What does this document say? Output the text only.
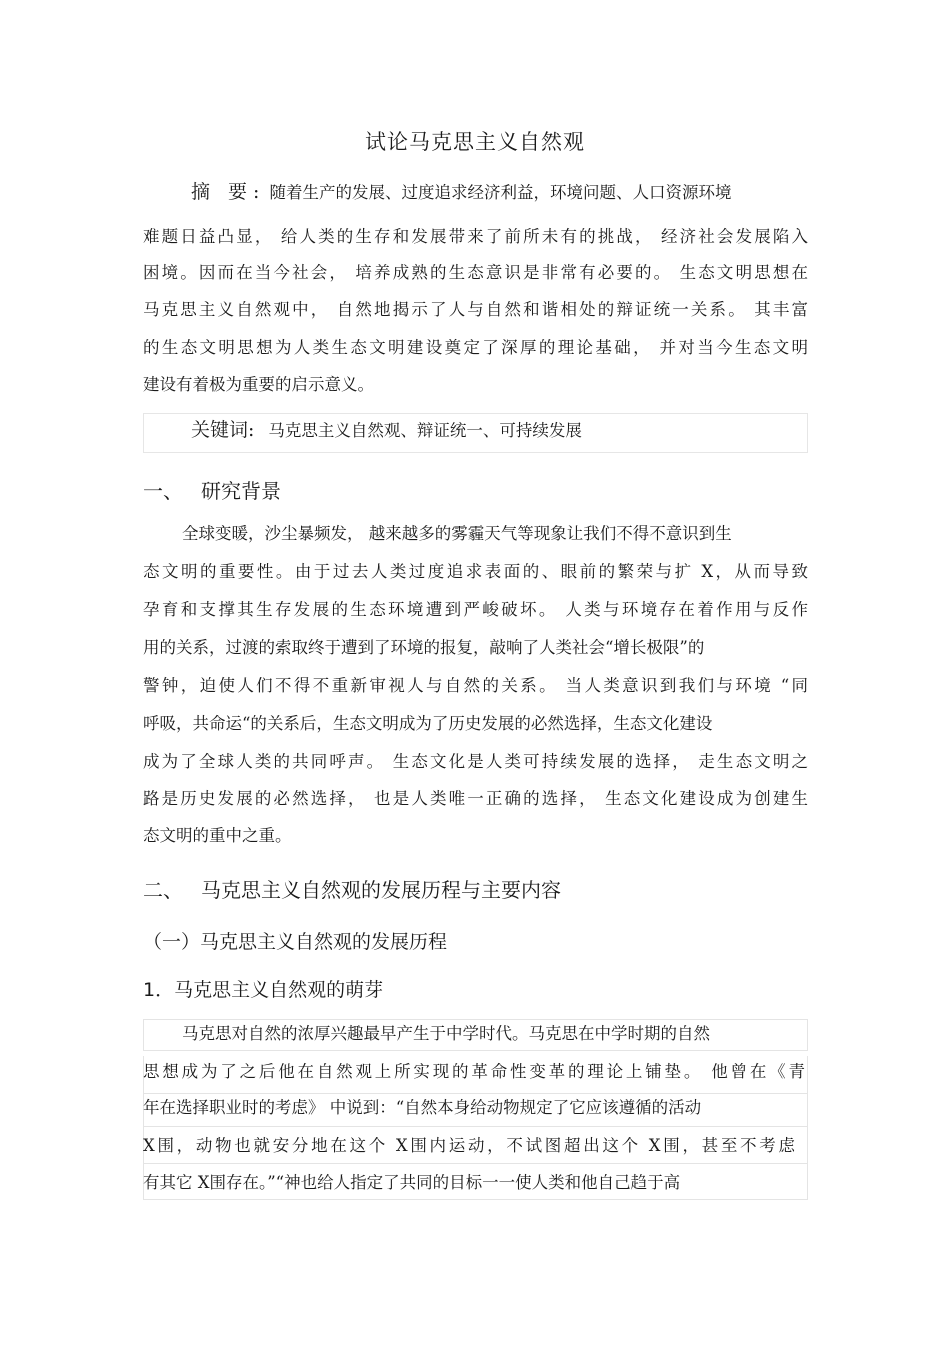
试论马克思主义自然观
摘 要: 随着生产的发展、过度追求经济利益，环境问题、人口资源环境
难题日益凸显， 给人类的生存和发展带来了前所未有的挑战， 经济社会发展陷入
困境。因而在当今社会， 培养成熟的生态意识是非常有必要的。 生态文明思想在
马克思主义自然观中， 自然地揭示了人与自然和谐相处的辩证统一关系。 其丰富
的生态文明思想为人类生态文明建设奠定了深厚的理论基础， 并对当今生态文明
建设有着极为重要的启示意义。
关键词: 马克思主义自然观、辩证统一、可持续发展
一、 研究背景
全球变暖，沙尘暴频发， 越来越多的雾霾天气等现象让我们不得不意识到生
态文明的重要性。由于过去人类过度追求表面的、眼前的繁荣与扩 X，从而导致
孕育和支撑其生存发展的生态环境遭到严峻破坏。 人类与环境存在着作用与反作
用的关系，过渡的索取终于遭到了环境的报复，敲响了人类社会“增长极限”的
警钟，迫使人们不得不重新审视人与自然的关系。 当人类意识到我们与环境 “同
呼吸，共命运“的关系后，生态文明成为了历史发展的必然选择，生态文化建设
成为了全球人类的共同呼声。 生态文化是人类可持续发展的选择， 走生态文明之
路是历史发展的必然选择， 也是人类唯一正确的选择， 生态文化建设成为创建生
态文明的重中之重。
二、 马克思主义自然观的发展历程与主要内容
（一）马克思主义自然观的发展历程
1．马克思主义自然观的萌芽
马克思对自然的浓厚兴趣最早产生于中学时代。马克思在中学时期的自然
思想成为了之后他在自然观上所实现的革命性变革的理论上铺垫。 他曾在《青
年在选择职业时的考虑》 中说到：“自然本身给动物规定了它应该遵循的活动
X围，动物也就安分地在这个 X围内运动，不试图超出这个 X围，甚至不考虑
有其它 X围存在。”“神也给人指定了共同的目标一一使人类和他自己趋于高
